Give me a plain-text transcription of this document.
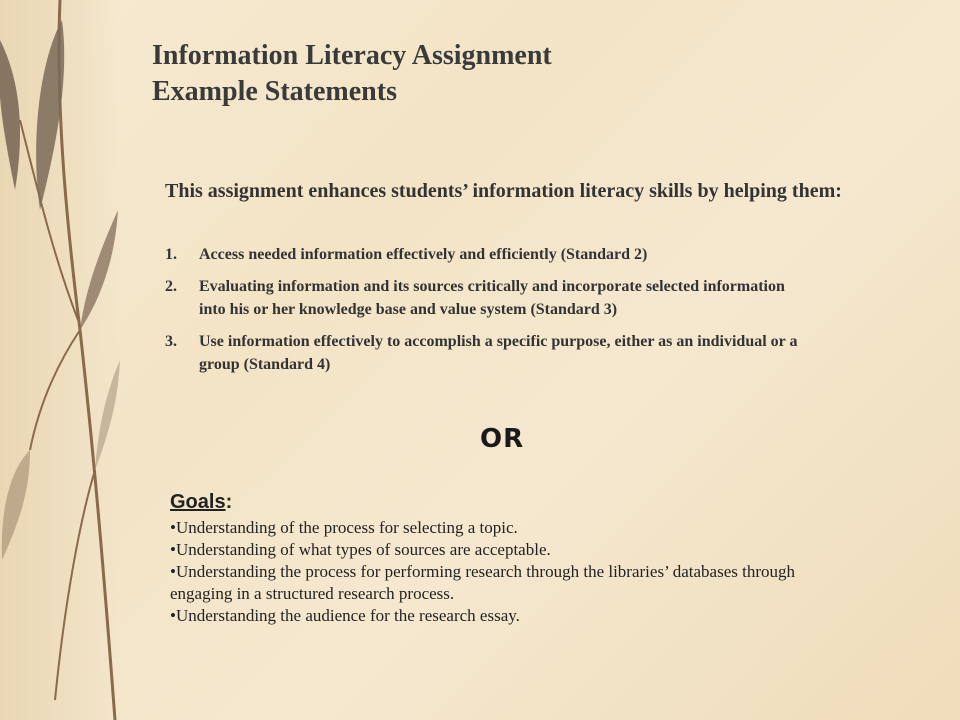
Information Literacy Assignment
Example Statements

This assignment enhances students’ information literacy skills by helping them:

1. Access needed information effectively and efficiently (Standard 2)
2. Evaluating information and its sources critically and incorporate selected information into his or her knowledge base and value system (Standard 3)
3. Use information effectively to accomplish a specific purpose, either as an individual or a group (Standard 4)
OR

Goals:

•Understanding of the process for selecting a topic.
•Understanding of what types of sources are acceptable.
•Understanding the process for performing research through the libraries’ databases through engaging in a structured research process.
•Understanding the audience for the research essay.
